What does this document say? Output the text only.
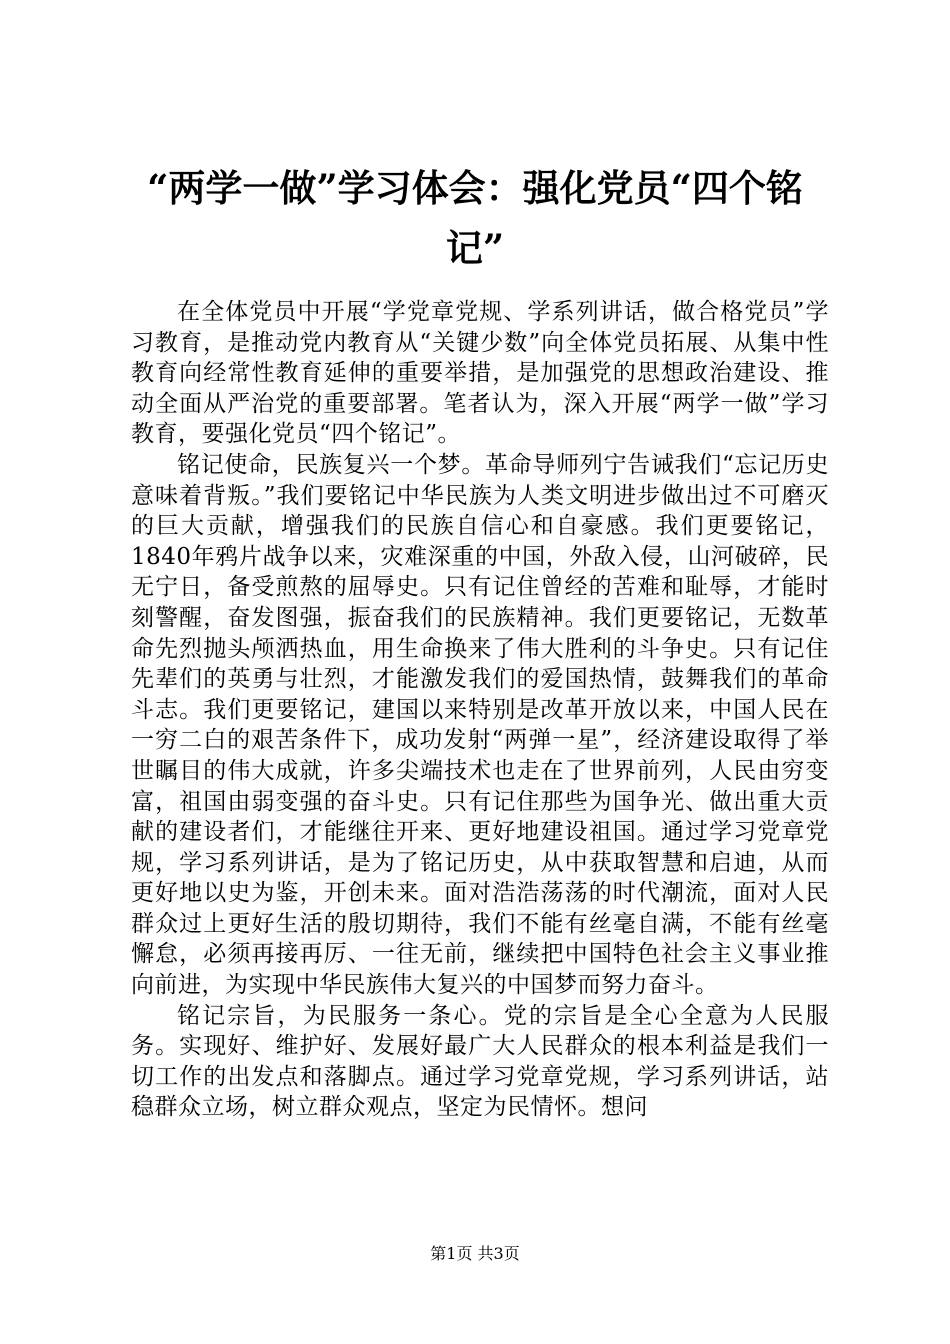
“两学一做”学习体会：强化党员“四个铭记”

在全体党员中开展“学党章党规、学系列讲话，做合格党员”学习教育，是推动党内教育从“关键少数”向全体党员拓展、从集中性教育向经常性教育延伸的重要举措，是加强党的思想政治建设、推动全面从严治党的重要部署。笔者认为，深入开展“两学一做”学习教育，要强化党员“四个铭记”。

铭记使命，民族复兴一个梦。革命导师列宁告诫我们“忘记历史意味着背叛。”我们要铭记中华民族为人类文明进步做出过不可磨灭的巨大贡献，增强我们的民族自信心和自豪感。我们更要铭记，1840年鸦片战争以来，灾难深重的中国，外敌入侵，山河破碎，民无宁日，备受煎熬的屈辱史。只有记住曾经的苦难和耻辱，才能时刻警醒，奋发图强，振奋我们的民族精神。我们更要铭记，无数革命先烈抛头颅洒热血，用生命换来了伟大胜利的斗争史。只有记住先辈们的英勇与壮烈，才能激发我们的爱国热情，鼓舞我们的革命斗志。我们更要铭记，建国以来特别是改革开放以来，中国人民在一穷二白的艰苦条件下，成功发射“两弹一星”，经济建设取得了举世瞩目的伟大成就，许多尖端技术也走在了世界前列，人民由穷变富，祖国由弱变强的奋斗史。只有记住那些为国争光、做出重大贡献的建设者们，才能继往开来、更好地建设祖国。通过学习党章党规，学习系列讲话，是为了铭记历史，从中获取智慧和启迪，从而更好地以史为鉴，开创未来。面对浩浩荡荡的时代潮流，面对人民群众过上更好生活的殷切期待，我们不能有丝毫自满，不能有丝毫懈怠，必须再接再厉、一往无前，继续把中国特色社会主义事业推向前进，为实现中华民族伟大复兴的中国梦而努力奋斗。

铭记宗旨，为民服务一条心。党的宗旨是全心全意为人民服务。实现好、维护好、发展好最广大人民群众的根本利益是我们一切工作的出发点和落脚点。通过学习党章党规，学习系列讲话，站稳群众立场，树立群众观点，坚定为民情怀。想问

第1页 共3页
